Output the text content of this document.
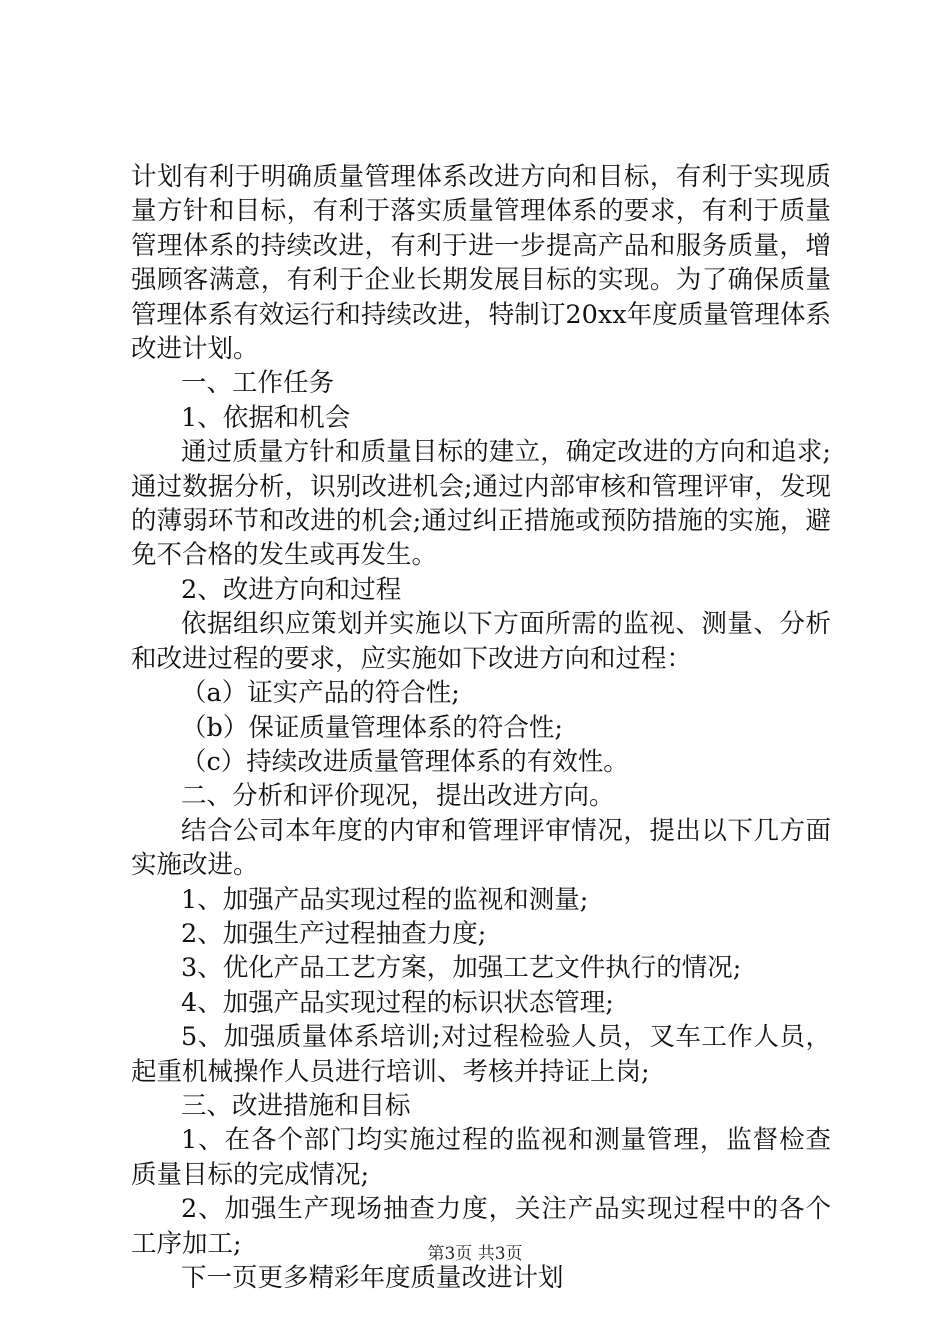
计划有利于明确质量管理体系改进方向和目标，有利于实现质量方针和目标，有利于落实质量管理体系的要求，有利于质量管理体系的持续改进，有利于进一步提高产品和服务质量，增强顾客满意，有利于企业长期发展目标的实现。为了确保质量管理体系有效运行和持续改进，特制订20xx年度质量管理体系改进计划。

一、工作任务

1、依据和机会

通过质量方针和质量目标的建立，确定改进的方向和追求;通过数据分析，识别改进机会;通过内部审核和管理评审，发现的薄弱环节和改进的机会;通过纠正措施或预防措施的实施，避免不合格的发生或再发生。

2、改进方向和过程

依据组织应策划并实施以下方面所需的监视、测量、分析和改进过程的要求，应实施如下改进方向和过程：

（a）证实产品的符合性;

（b）保证质量管理体系的符合性;

（c）持续改进质量管理体系的有效性。

二、分析和评价现况，提出改进方向。

结合公司本年度的内审和管理评审情况，提出以下几方面实施改进。

1、加强产品实现过程的监视和测量;

2、加强生产过程抽查力度;

3、优化产品工艺方案，加强工艺文件执行的情况;

4、加强产品实现过程的标识状态管理;

5、加强质量体系培训;对过程检验人员，叉车工作人员，起重机械操作人员进行培训、考核并持证上岗;

三、改进措施和目标

1、在各个部门均实施过程的监视和测量管理，监督检查质量目标的完成情况;

2、加强生产现场抽查力度，关注产品实现过程中的各个工序加工;

下一页更多精彩年度质量改进计划

第3页 共3页
